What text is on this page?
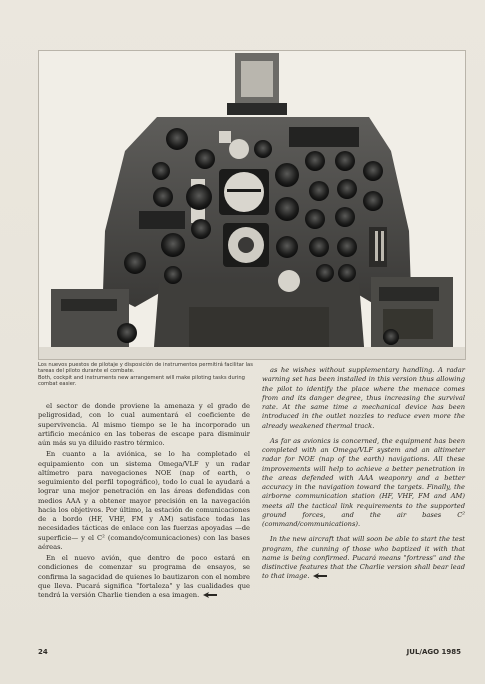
Los nuevos puestos de pilotaje y disposición de instrumentos permitirá facilitar las tareas del piloto durante el combate.

Both, cockpit and instruments new arrangement will make piloting tasks during combat easier.

el sector de donde proviene la amenaza y el grado de peligrosidad, con lo cual aumentará el coeficiente de supervivencia. Al mismo tiempo se le ha incorporado un artificio mecánico en las toberas de escape para disminuir aún más su ya diluido rastro térmico.

En cuanto a la aviónica, se lo ha completado el equipamiento con un sistema Omega/VLF y un radar altímetro para navegaciones NOE (nap of earth, o seguimiento del perfil topográfico), todo lo cual le ayudará a lograr una mejor penetración en las áreas defendidas con medios AAA y a obtener mayor precisión en la navegación hacia los objetivos. Por último, la estación de comunicaciones de a bordo (HF, VHF, FM y AM) satisface todas las necesidades tácticas de enlace con las fuerzas apoyadas —de superficie— y el C² (comando/comunicaciones) con las bases aéreas.

En el nuevo avión, que dentro de poco estará en condiciones de comenzar su programa de ensayos, se confirma la sagacidad de quienes lo bautizaron con el nombre que lleva. Pucará significa "fortaleza" y las cualidades que tendrá la versión Charlie tienden a esa imagen.

as he wishes without supplementary handling. A radar warning set has been installed in this version thus allowing the pilot to identify the place where the menace comes from and its danger degree, thus increasing the survival rate. At the same time a mechanical device has been introduced in the outlet nozzles to reduce even more the already weakened thermal track.

As far as avionics is concerned, the equipment has been completed with an Omega/VLF system and an altimeter radar for NOE (nap of the earth) navigations. All these improvements will help to achieve a better penetration in the areas defended with AAA weaponry and a better accuracy in the navigation toward the targets. Finally, the airborne communication station (HF, VHF, FM and AM) meets all the tactical link requirements to the supported ground forces, and the air bases C² (command/communications).

In the new aircraft that will soon be able to start the test program, the cunning of those who baptized it with that name is being confirmed. Pucará means "fortress" and the distinctive features that the Charlie version shall bear lead to that image.

24	JUL/AGO 1985
